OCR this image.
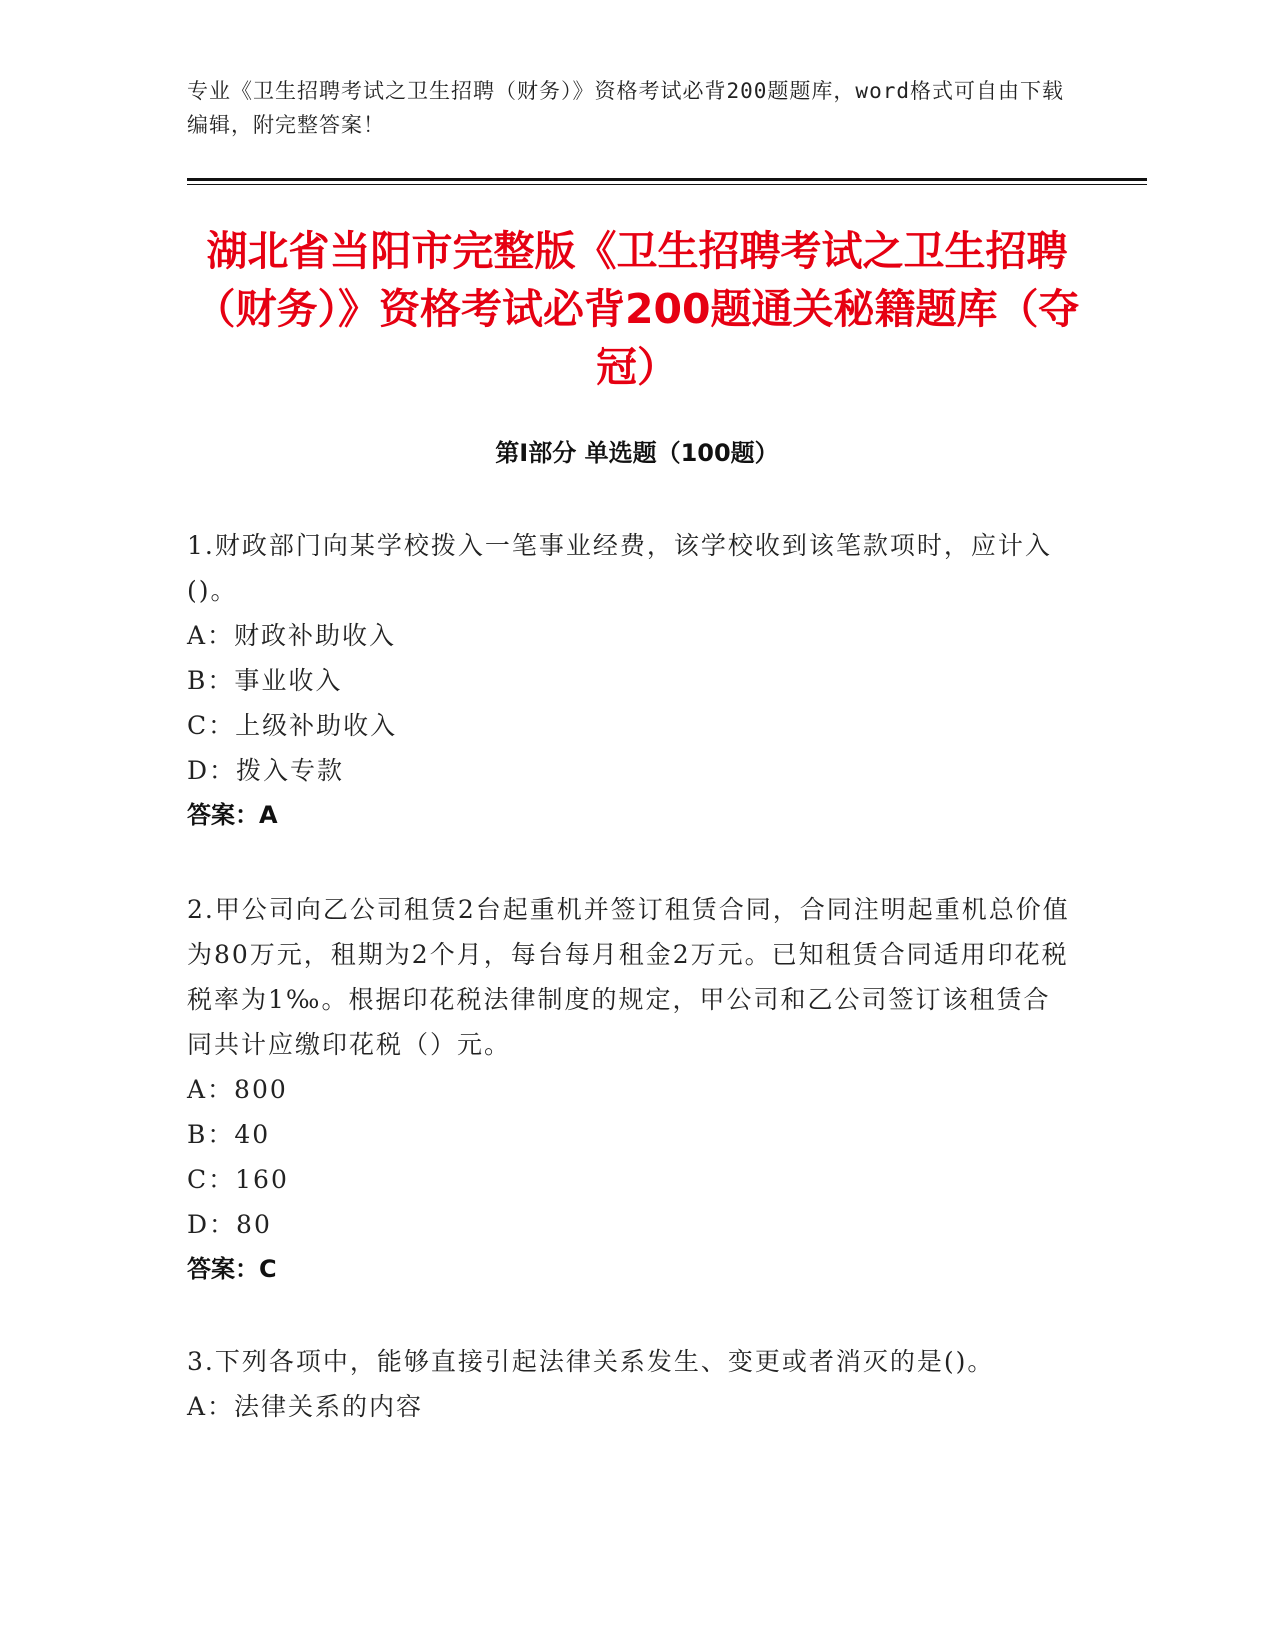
专业《卫生招聘考试之卫生招聘（财务）》资格考试必背200题题库，word格式可自由下载编辑，附完整答案！
湖北省当阳市完整版《卫生招聘考试之卫生招聘（财务）》资格考试必背200题通关秘籍题库（夺冠）
第Ⅰ部分 单选题（100题）
1.财政部门向某学校拨入一笔事业经费，该学校收到该笔款项时，应计入()。
A：财政补助收入
B：事业收入
C：上级补助收入
D：拨入专款
答案：A
2.甲公司向乙公司租赁2台起重机并签订租赁合同，合同注明起重机总价值为80万元，租期为2个月，每台每月租金2万元。已知租赁合同适用印花税税率为1‰。根据印花税法律制度的规定，甲公司和乙公司签订该租赁合同共计应缴印花税（）元。
A：800
B：40
C：160
D：80
答案：C
3.下列各项中，能够直接引起法律关系发生、变更或者消灭的是()。
A：法律关系的内容
